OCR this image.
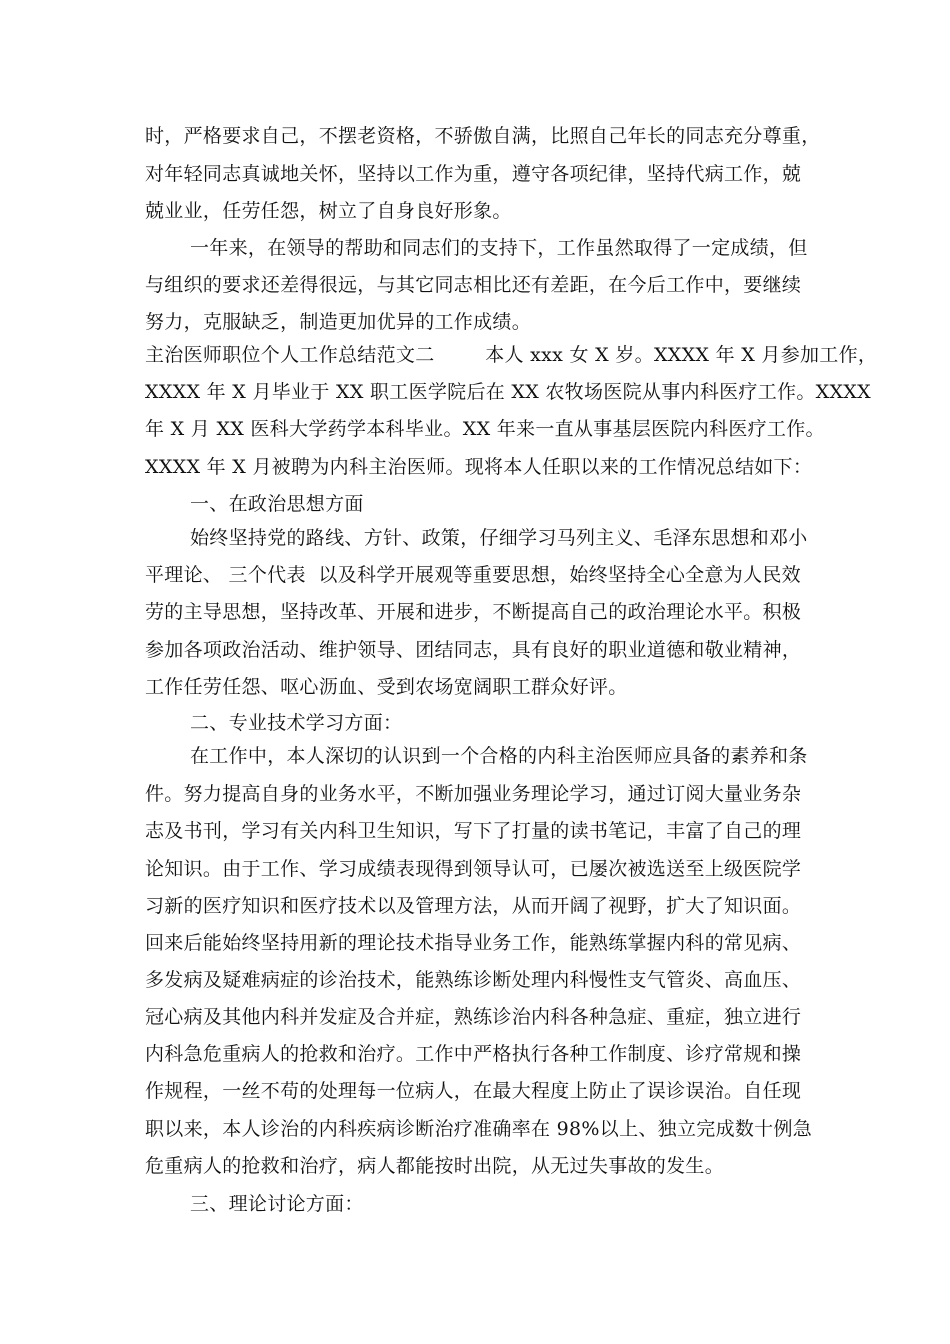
时，严格要求自己，不摆老资格，不骄傲自满，比照自己年长的同志充分尊重，
对年轻同志真诚地关怀，坚持以工作为重，遵守各项纪律，坚持代病工作，兢
兢业业，任劳任怨，树立了自身良好形象。
一年来，在领导的帮助和同志们的支持下，工作虽然取得了一定成绩，但
与组织的要求还差得很远，与其它同志相比还有差距，在今后工作中，要继续
努力，克服缺乏，制造更加优异的工作成绩。
主治医师职位个人工作总结范文二        本人 xxx 女 X 岁。XXXX 年 X 月参加工作，
XXXX 年 X 月毕业于 XX 职工医学院后在 XX 农牧场医院从事内科医疗工作。XXXX
年 X 月 XX 医科大学药学本科毕业。XX 年来一直从事基层医院内科医疗工作。
XXXX 年 X 月被聘为内科主治医师。现将本人任职以来的工作情况总结如下：
一、在政治思想方面
始终坚持党的路线、方针、政策，仔细学习马列主义、毛泽东思想和邓小
平理论、 三个代表  以及科学开展观等重要思想，始终坚持全心全意为人民效
劳的主导思想，坚持改革、开展和进步，不断提高自己的政治理论水平。积极
参加各项政治活动、维护领导、团结同志，具有良好的职业道德和敬业精神，
工作任劳任怨、呕心沥血、受到农场宽阔职工群众好评。
二、专业技术学习方面：
在工作中，本人深切的认识到一个合格的内科主治医师应具备的素养和条
件。努力提高自身的业务水平，不断加强业务理论学习，通过订阅大量业务杂
志及书刊，学习有关内科卫生知识，写下了打量的读书笔记，丰富了自己的理
论知识。由于工作、学习成绩表现得到领导认可，已屡次被选送至上级医院学
习新的医疗知识和医疗技术以及管理方法，从而开阔了视野，扩大了知识面。
回来后能始终坚持用新的理论技术指导业务工作，能熟练掌握内科的常见病、
多发病及疑难病症的诊治技术，能熟练诊断处理内科慢性支气管炎、高血压、
冠心病及其他内科并发症及合并症，熟练诊治内科各种急症、重症，独立进行
内科急危重病人的抢救和治疗。工作中严格执行各种工作制度、诊疗常规和操
作规程，一丝不苟的处理每一位病人，在最大程度上防止了误诊误治。自任现
职以来，本人诊治的内科疾病诊断治疗准确率在 98%以上、独立完成数十例急
危重病人的抢救和治疗，病人都能按时出院，从无过失事故的发生。
三、理论讨论方面：
